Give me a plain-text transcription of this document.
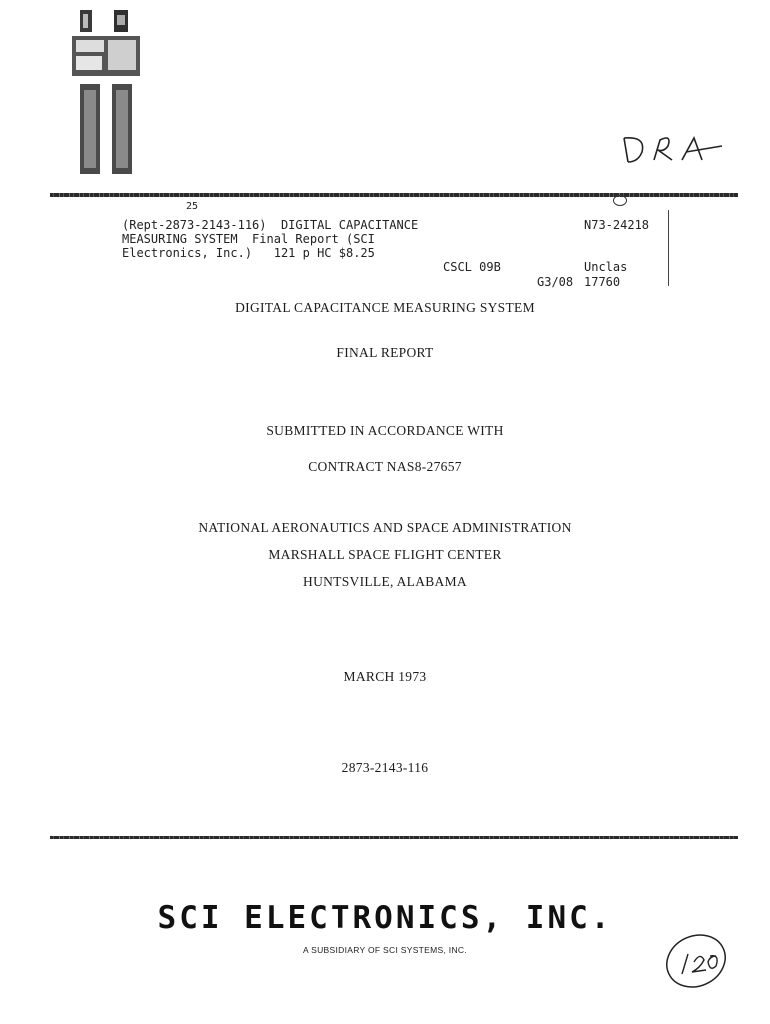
25
(Rept-2873-2143-116)  DIGITAL CAPACITANCE
MEASURING SYSTEM  Final Report (SCI
Electronics, Inc.)   121 p HC $8.25
CSCL 09B
G3/08
N73-24218
Unclas
17760
DIGITAL CAPACITANCE MEASURING SYSTEM
FINAL REPORT
SUBMITTED IN ACCORDANCE WITH
CONTRACT NAS8-27657
NATIONAL AERONAUTICS AND SPACE ADMINISTRATION
MARSHALL SPACE FLIGHT CENTER
HUNTSVILLE, ALABAMA
MARCH 1973
2873-2143-116
SCI ELECTRONICS, INC.
A SUBSIDIARY OF SCI SYSTEMS, INC.
